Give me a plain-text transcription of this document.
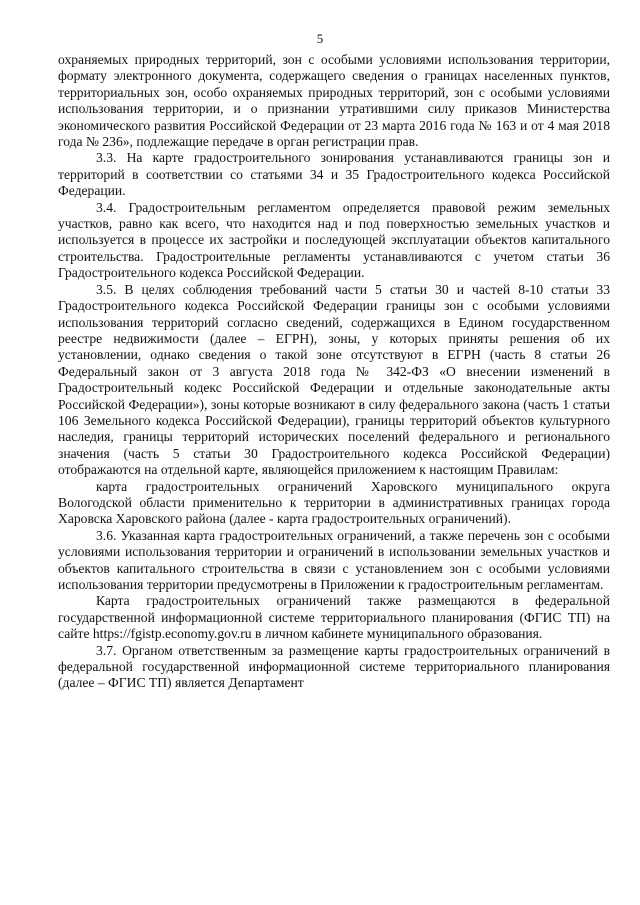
5

охраняемых природных территорий, зон с особыми условиями использования территории, формату электронного документа, содержащего сведения о границах населенных пунктов, территориальных зон, особо охраняемых природных территорий, зон с особыми условиями использования территории, и о признании утратившими силу приказов Министерства экономического развития Российской Федерации от 23 марта 2016 года № 163 и от 4 мая 2018 года № 236», подлежащие передаче в орган регистрации прав.

3.3. На карте градостроительного зонирования устанавливаются границы зон и территорий в соответствии со статьями 34 и 35 Градостроительного кодекса Российской Федерации.

3.4. Градостроительным регламентом определяется правовой режим земельных участков, равно как всего, что находится над и под поверхностью земельных участков и используется в процессе их застройки и последующей эксплуатации объектов капитального строительства. Градостроительные регламенты устанавливаются с учетом статьи 36 Градостроительного кодекса Российской Федерации.

3.5. В целях соблюдения требований части 5 статьи 30 и частей 8-10 статьи 33 Градостроительного кодекса Российской Федерации границы зон с особыми условиями использования территорий согласно сведений, содержащихся в Едином государственном реестре недвижимости (далее – ЕГРН), зоны, у которых приняты решения об их установлении, однако сведения о такой зоне отсутствуют в ЕГРН (часть 8 статьи 26 Федеральный закон от 3 августа 2018 года № 342-ФЗ «О внесении изменений в Градостроительный кодекс Российской Федерации и отдельные законодательные акты Российской Федерации»), зоны которые возникают в силу федерального закона (часть 1 статьи 106 Земельного кодекса Российской Федерации), границы территорий объектов культурного наследия, границы территорий исторических поселений федерального и регионального значения (часть 5 статьи 30 Градостроительного кодекса Российской Федерации) отображаются на отдельной карте, являющейся приложением к настоящим Правилам:

карта градостроительных ограничений Харовского муниципального округа Вологодской области применительно к территории в административных границах города Харовска Харовского района (далее - карта градостроительных ограничений).

3.6. Указанная карта градостроительных ограничений, а также перечень зон с особыми условиями использования территории и ограничений в использовании земельных участков и объектов капитального строительства в связи с установлением зон с особыми условиями использования территории предусмотрены в Приложении к градостроительным регламентам.

Карта градостроительных ограничений также размещаются в федеральной государственной информационной системе территориального планирования (ФГИС ТП) на сайте https://fgistp.economy.gov.ru в личном кабинете муниципального образования.

3.7. Органом ответственным за размещение карты градостроительных ограничений в федеральной государственной информационной системе территориального планирования (далее – ФГИС ТП) является Департамент
